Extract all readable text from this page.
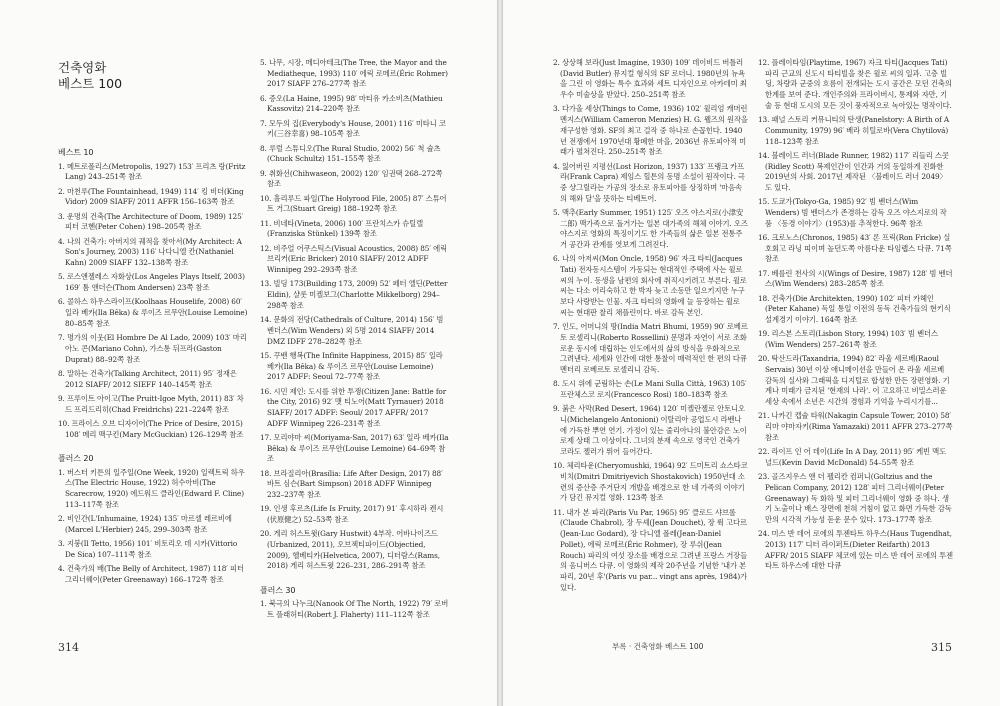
건축영화
베스트 100
베스트 10

1. 메트로폴리스(Metropolis, 1927) 153′ 프리츠 랑(Fritz Lang) 243–251쪽 참조

2. 마천루(The Fountainhead, 1949) 114′ 킹 비더(King Vidor) 2009 SIAFF/ 2011 AFFR 156–163쪽 참조

3. 운명의 건축(The Architecture of Doom, 1989) 125′ 피터 코헨(Peter Cohen) 198–205쪽 참조

4. 나의 건축가: 아버지의 궤적을 찾아서(My Architect: A Son's Journey, 2003) 116′ 나다니엘 칸(Nathaniel Kahn) 2009 SIAFF 132–138쪽 참조

5. 로스앤젤레스 자화상(Los Angeles Plays Itself, 2003) 169′ 톰 앤더슨(Thom Andersen) 23쪽 참조

6. 콜하스 하우스라이프(Koolhaas Houselife, 2008) 60′ 일라 베카(Ila Bêka) & 루이즈 르무안(Louise Lemoine) 80–85쪽 참조

7. 명가의 이웃(El Hombre De Al Lado, 2009) 103′ 마리아노 콘(Mariano Cohn), 가스통 뒤프라(Gaston Duprat) 88–92쪽 참조

8. 말하는 건축가(Talking Architect, 2011) 95′ 정재은 2012 SIAFF/ 2012 SIEFF 140–145쪽 참조

9. 프루이트 아이고(The Pruitt-Igoe Myth, 2011) 83′ 차드 프리드리히(Chad Freidrichs) 221–224쪽 참조

10. 프라이스 오브 디자이어(The Price of Desire, 2015) 108′ 메리 맥구킨(Mary McGuckian) 126–129쪽 참조

플러스 20

1. 버스터 키튼의 일주일(One Week, 1920) 일렉트릭 하우스(The Electric House, 1922) 허수아비(The Scarecrow, 1920) 에드워드 클라인(Edward F. Cline) 113–117쪽 참조

2. 비인간(L'Inhumaine, 1924) 135′ 마르셀 레르비에(Marcel L'Herbier) 245, 299–303쪽 참조

3. 지붕(Il Tetto, 1956) 101′ 비토리오 데 시카(Vittorio De Sica) 107–111쪽 참조

4. 건축가의 배(The Belly of Architect, 1987) 118′ 피터 그리너웨이(Peter Greenaway) 166–172쪽 참조

5. 나무, 시장, 메디아테크(The Tree, the Mayor and the Mediatheque, 1993) 110′ 에릭 로메르(Éric Rohmer) 2017 SIAFF 276–277쪽 참조

6. 증오(La Haine, 1995) 98′ 마티유 카소비츠(Mathieu Kassovitz) 214–220쪽 참조

7. 모두의 집(Everybody's House, 2001) 116′ 미타니 코키(三谷幸喜) 98–105쪽 참조

8. 루럴 스튜디오(The Rural Studio, 2002) 56′ 척 슐츠(Chuck Schultz) 151–155쪽 참조

9. 취화선(Chihwaseon, 2002) 120′ 임권택 268–272쪽 참조

10. 홀리루드 파일(The Holyrood File, 2005) 87′ 스튜어트 거그(Stuart Greig) 188–192쪽 참조

11. 비네타(Vineta, 2006) 100′ 프란치스카 슈틸렐(Franziska Stünkel) 139쪽 참조

12. 비주얼 어쿠스틱스(Visual Acoustics, 2008) 85′ 에릭 브리커(Eric Bricker) 2010 SIAFF/ 2012 ADFF Winnipeg 292–293쪽 참조

13. 빌딩 173(Building 173, 2009) 52′ 페터 엘딘(Petter Eldin), 샬롯 미켈보그(Charlotte Mikkelborg) 294–298쪽 참조

14. 문화의 전당(Cathedrals of Culture, 2014) 156′ 빔 벤더스(Wim Wenders) 외 5명 2014 SIAFF/ 2014 DMZ IDFF 278–282쪽 참조

15. 꾸밴 행복(The Infinite Happiness, 2015) 85′ 일라 베카(Ila Bêka) & 루이즈 르무안(Louise Lemoine) 2017 ADFF: Seoul 72–77쪽 참조

16. 시민 제인: 도시를 위한 투쟁(Citizen Jane: Battle for the City, 2016) 92′ 맷 티노어(Matt Tyrnauer) 2018 SIAFF/ 2017 ADFF: Seoul/ 2017 AFFR/ 2017 ADFF Winnipeg 226–231쪽 참조

17. 모리야마 씨(Moriyama-San, 2017) 63′ 일라 베카(Ila Bêka) & 루이즈 르무안(Louise Lemoine) 64–69쪽 참조

18. 브라질리아(Brasília: Life After Design, 2017) 88′ 바트 심슨(Bart Simpson) 2018 ADFF Winnipeg 232–237쪽 참조

19. 인생 후르츠(Life Is Fruity, 2017) 91′ 후시하라 켄시(伏原健之) 52–53쪽 참조

20. 게리 허스트윗(Gary Hustwit) 4부작. 어바나이즈드(Urbanized, 2011), 오브젝티파이드(Objectied, 2009), 헬베티카(Helvetica, 2007), 디터람스(Rams, 2018) 게리 허스트윗 226–231, 286–291쪽 참조

플러스 30

1. 북극의 나누크(Nanook Of The North, 1922) 79′ 로버트 플래허티(Robert J. Flaherty) 111–112쪽 참조

314

2. 상상해 보라(Just Imagine, 1930) 109′ 데이비드 버틀러(David Butler) 뮤지컬 형식의 SF 로더니. 1980년의 뉴욕을 그린 이 영화는 특수 효과와 세트 디자인으로 아카데미 최우수 미술상을 받았다. 250–251쪽 참조

3. 다가올 세상(Things to Come, 1936) 102′ 윌리엄 캐머런 멘지스(William Cameron Menzies) H. G. 웰즈의 원작을 재구성한 영화. SF의 최고 걸작 중 하나로 손꼽힌다. 1940년 전쟁에서 1970년대 황폐한 마을, 2036년 유토피아적 미래가 펼쳐진다. 250–251쪽 참조

4. 잃어버린 지평선(Lost Horizon, 1937) 133′ 프랭크 카프라(Frank Capra) 제임스 힐튼의 동명 소설이 원작이다. 극중 샹그릴라는 가공의 장소로 유토피아를 상징하며 '마음속의 해와 달'을 뜻하는 티베트어.

5. 맥추(Early Summer, 1951) 125′ 오즈 야스지로(小津安二郎) 맥가족으로 돌거가는 일본 대가족의 해체 이야기. 오즈 야스지로 영화의 특징이기도 한 가족들의 삶은 일본 전통주거 공간과 관계를 엿보게 그려진다.

6. 나의 아저씨(Mon Oncle, 1958) 96′ 자크 타티(Jacques Tati) 전자동시스템이 가동되는 현대적인 주택에 사는 윌로 씨의 누이. 동생을 남편의 회사에 취직시키려고 부른다. 윌로 씨는 다소 어리숙하고 한 박자 늦고 소동만 일으키지만 누구보다 사랑받는 인물. 자크 타티의 영화에 늘 등장하는 윌로 씨는 현대판 찰리 채플린이다. 바로 감독 본인.

7. 인도, 어머니의 땅(India Matri Bhumi, 1959) 90′ 로베르토 로셀리니(Roberto Rossellini) 문명과 자연이 서로 조화로운 동시에 대립하는 인도에서의 삶의 방식을 우화적으로 그려낸다. 세계와 인간에 대한 통찰이 매력적인 한 편의 다큐멘터리 로베르토 로셀리니 감독.

8. 도시 위에 군림하는 손(Le Mani Sulla Città, 1963) 105′ 프란체스코 로지(Francesco Rosi) 180–183쪽 참조

9. 붉은 사막(Red Desert, 1964) 120′ 미켈란젤로 안토니오니(Michelangelo Antonioni) 이탈리아 공업도시 라벤나에 가득찬 뿌연 연기. 가정이 있는 줄리아나의 불안감은 노이로제 상태 그 이상이다. 그녀의 분재 속으로 영국인 건축가 코라도 젤러가 뛰어 들어간다.

10. 체리타운(Cheryomushki, 1964) 92′ 드미트리 쇼스타코비치(Dmitri Dmitriyevich Shostakovich) 1950년대 소련의 증산층 주거단지 개발을 배경으로 한 네 가족의 이야기가 담긴 뮤지컬 영화. 123쪽 참조

11. 내가 본 파리(Paris Vu Par, 1965) 95′ 클로드 샤브롤(Claude Chabrol), 장 두셰(Jean Douchet), 장 뤽 고다르(Jean-Luc Godard), 장 다니엘 폴레(Jean-Daniel Pollet), 에릭 로메르(Éric Rohmer), 장 루쉬(Jean Rouch) 파리의 여섯 장소를 배경으로 그려낸 프랑스 거장들의 옴니버스 다큐. 이 영화의 제작 20주년을 기념한 '내가 본 파리, 20년 후'(Paris vu par... vingt ans après, 1984)가 있다.

12. 플레이타임(Playtime, 1967) 자크 타티(Jacques Tati) 파리 근교의 신도시 타티빌을 찾은 윌로 씨의 일과. 고층 빌딩, 차량과 군중의 흐름이 전개되는 도시 공간은 모던 건축의 한계를 보여 준다. 개인주의와 프라이버시, 통제와 자만, 기술 등 현대 도시의 모든 것이 풍자적으로 녹아있는 명작이다.

13. 패널 스토리 커뮤니티의 탄생(Panelstory: A Birth of A Community, 1979) 96′ 베라 히틸로바(Vera Chytilová) 118–123쪽 참조

14. 블레이드 러너(Blade Runner, 1982) 117′ 리들리 스콧(Ridley Scott) 복제인간이 인간과 거의 동일하게 진화한 2019년의 사회. 2017년 제작된 〈블레이드 러너 2049〉도 있다.

15. 도쿄가(Tokyo-Ga, 1985) 92′ 빔 벤더스(Wim Wenders) 빔 벤더스가 존경하는 감독 오즈 야스지로의 작품 〈동경 이야기〉(1953)를 추적한다. 96쪽 참조

16. 크로노스(Chronos, 1985) 43′ 론 프릭(Ron Fricke) 실호회고 라닝 띠이며 높던도쪽 아름다운 타임랩스 다큐. 71쪽 참조

17. 베를린 천사의 시(Wings of Desire, 1987) 128′ 빔 벤더스(Wim Wenders) 283–285쪽 참조

18. 건축가(Die Architekten, 1990) 102′ 피터 카헤인(Peter Kahane) 독일 통일 이전의 동독 건축가들의 현키식 설계경기 이야기. 164쪽 참조

19. 리스본 스토리(Lisbon Story, 1994) 103′ 빔 벤더스(Wim Wenders) 257–261쪽 참조

20. 탁산드라(Taxandria, 1994) 82′ 라울 세르베(Raoul Servais) 30년 이상 애니메이션을 만들어 온 라울 세르베 감독의 실사와 그래픽을 디지털로 합성한 만든 장편영화. 기계나 미래가 금지된 '현재의 나라'. 이 고요하고 비밀스러운 세상 속에서 소년은 시간의 경험과 기억을 누리시기를...

21. 나카긴 캡슐 타워(Nakagin Capsule Tower, 2010) 58′ 리마 야마자키(Rima Yamazaki) 2011 AFFR 273–277쪽 참조

22. 라이프 인 어 데이(Life In A Day, 2011) 95′ 케빈 맥도널드(Kevin David McDonald) 54–55쪽 참조

23. 골즈지우스 앤 더 펠리칸 컴퍼니(Goltzius and the Pelican Company, 2012) 128′ 피터 그리너웨이(Peter Greenaway) 독 화하 및 피터 그리너웨이 영화 중 하나. 생기 노출이나 배스 장면에 천혀 거침이 없고 화면 가득한 감독만의 시각적 가능성 돋운 문수 있다. 173–177쪽 참조

24. 미스 반 데어 로에의 투젠타트 하우스(Haus Tugendhat, 2013) 117′ 디터 라이퍼트(Dieter Reifarth) 2013 AFFR/ 2015 SIAFF 체코에 있는 미스 반 데어 로에의 투젠타트 하우스에 대한 다큐

부록 · 건축영화 베스트 100	315
